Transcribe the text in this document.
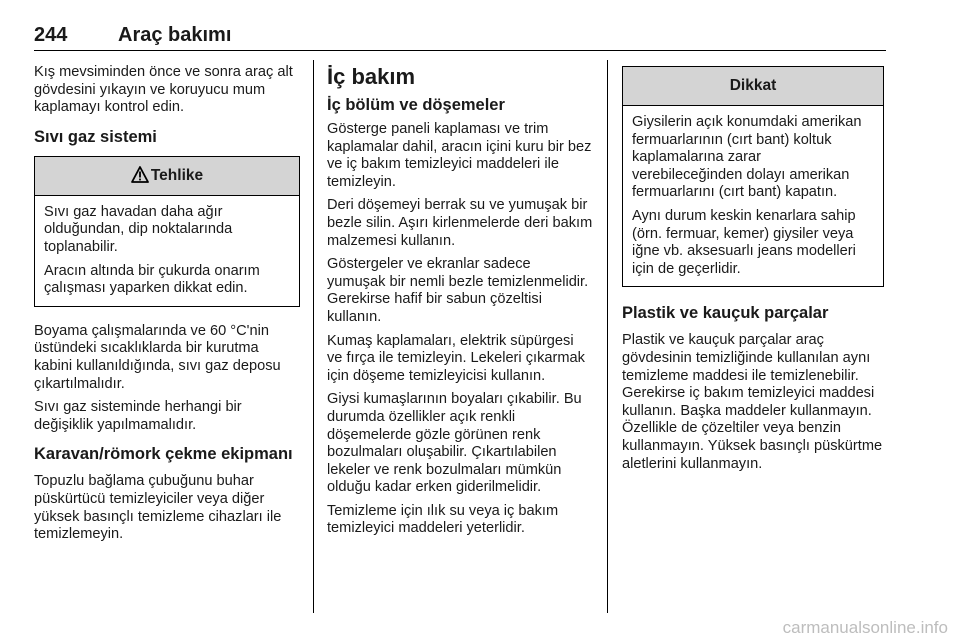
244	Araç bakımı

Kış mevsiminden önce ve sonra araç alt gövdesini yıkayın ve koruyucu mum kaplamayı kontrol edin.

Sıvı gaz sistemi
Tehlike

Sıvı gaz havadan daha ağır olduğundan, dip noktalarında toplanabilir.

Aracın altında bir çukurda onarım çalışması yaparken dikkat edin.

Boyama çalışmalarında ve 60 °C'nin üstündeki sıcaklıklarda bir kurutma kabini kullanıldığında, sıvı gaz deposu çıkartılmalıdır.

Sıvı gaz sisteminde herhangi bir değişiklik yapılmamalıdır.

Karavan/römork çekme ekipmanı

Topuzlu bağlama çubuğunu buhar püskürtücü temizleyiciler veya diğer yüksek basınçlı temizleme cihazları ile temizlemeyin.

İç bakım
İç bölüm ve döşemeler

Gösterge paneli kaplaması ve trim kaplamalar dahil, aracın içini kuru bir bez ve iç bakım temizleyici maddeleri ile temizleyin.

Deri döşemeyi berrak su ve yumuşak bir bezle silin. Aşırı kirlenmelerde deri bakım malzemesi kullanın.

Göstergeler ve ekranlar sadece yumuşak bir nemli bezle temizlenmelidir. Gerekirse hafif bir sabun çözeltisi kullanın.

Kumaş kaplamaları, elektrik süpürgesi ve fırça ile temizleyin. Lekeleri çıkarmak için döşeme temizleyicisi kullanın.

Giysi kumaşlarının boyaları çıkabilir. Bu durumda özellikler açık renkli döşemelerde gözle görünen renk bozulmaları oluşabilir. Çıkartılabilen lekeler ve renk bozulmaları mümkün olduğu kadar erken giderilmelidir.

Temizleme için ılık su veya iç bakım temizleyici maddeleri yeterlidir.

Dikkat

Giysilerin açık konumdaki amerikan fermuarlarının (cırt bant) koltuk kaplamalarına zarar verebileceğinden dolayı amerikan fermuarlarını (cırt bant) kapatın.

Aynı durum keskin kenarlara sahip (örn. fermuar, kemer) giysiler veya iğne vb. aksesuarlı jeans modelleri için de geçerlidir.

Plastik ve kauçuk parçalar

Plastik ve kauçuk parçalar araç gövdesinin temizliğinde kullanılan aynı temizleme maddesi ile temizlenebilir. Gerekirse iç bakım temizleyici maddesi kullanın. Başka maddeler kullanmayın. Özellikle de çözeltiler veya benzin kullanmayın. Yüksek basınçlı püskürtme aletlerini kullanmayın.

carmanualsonline.info
